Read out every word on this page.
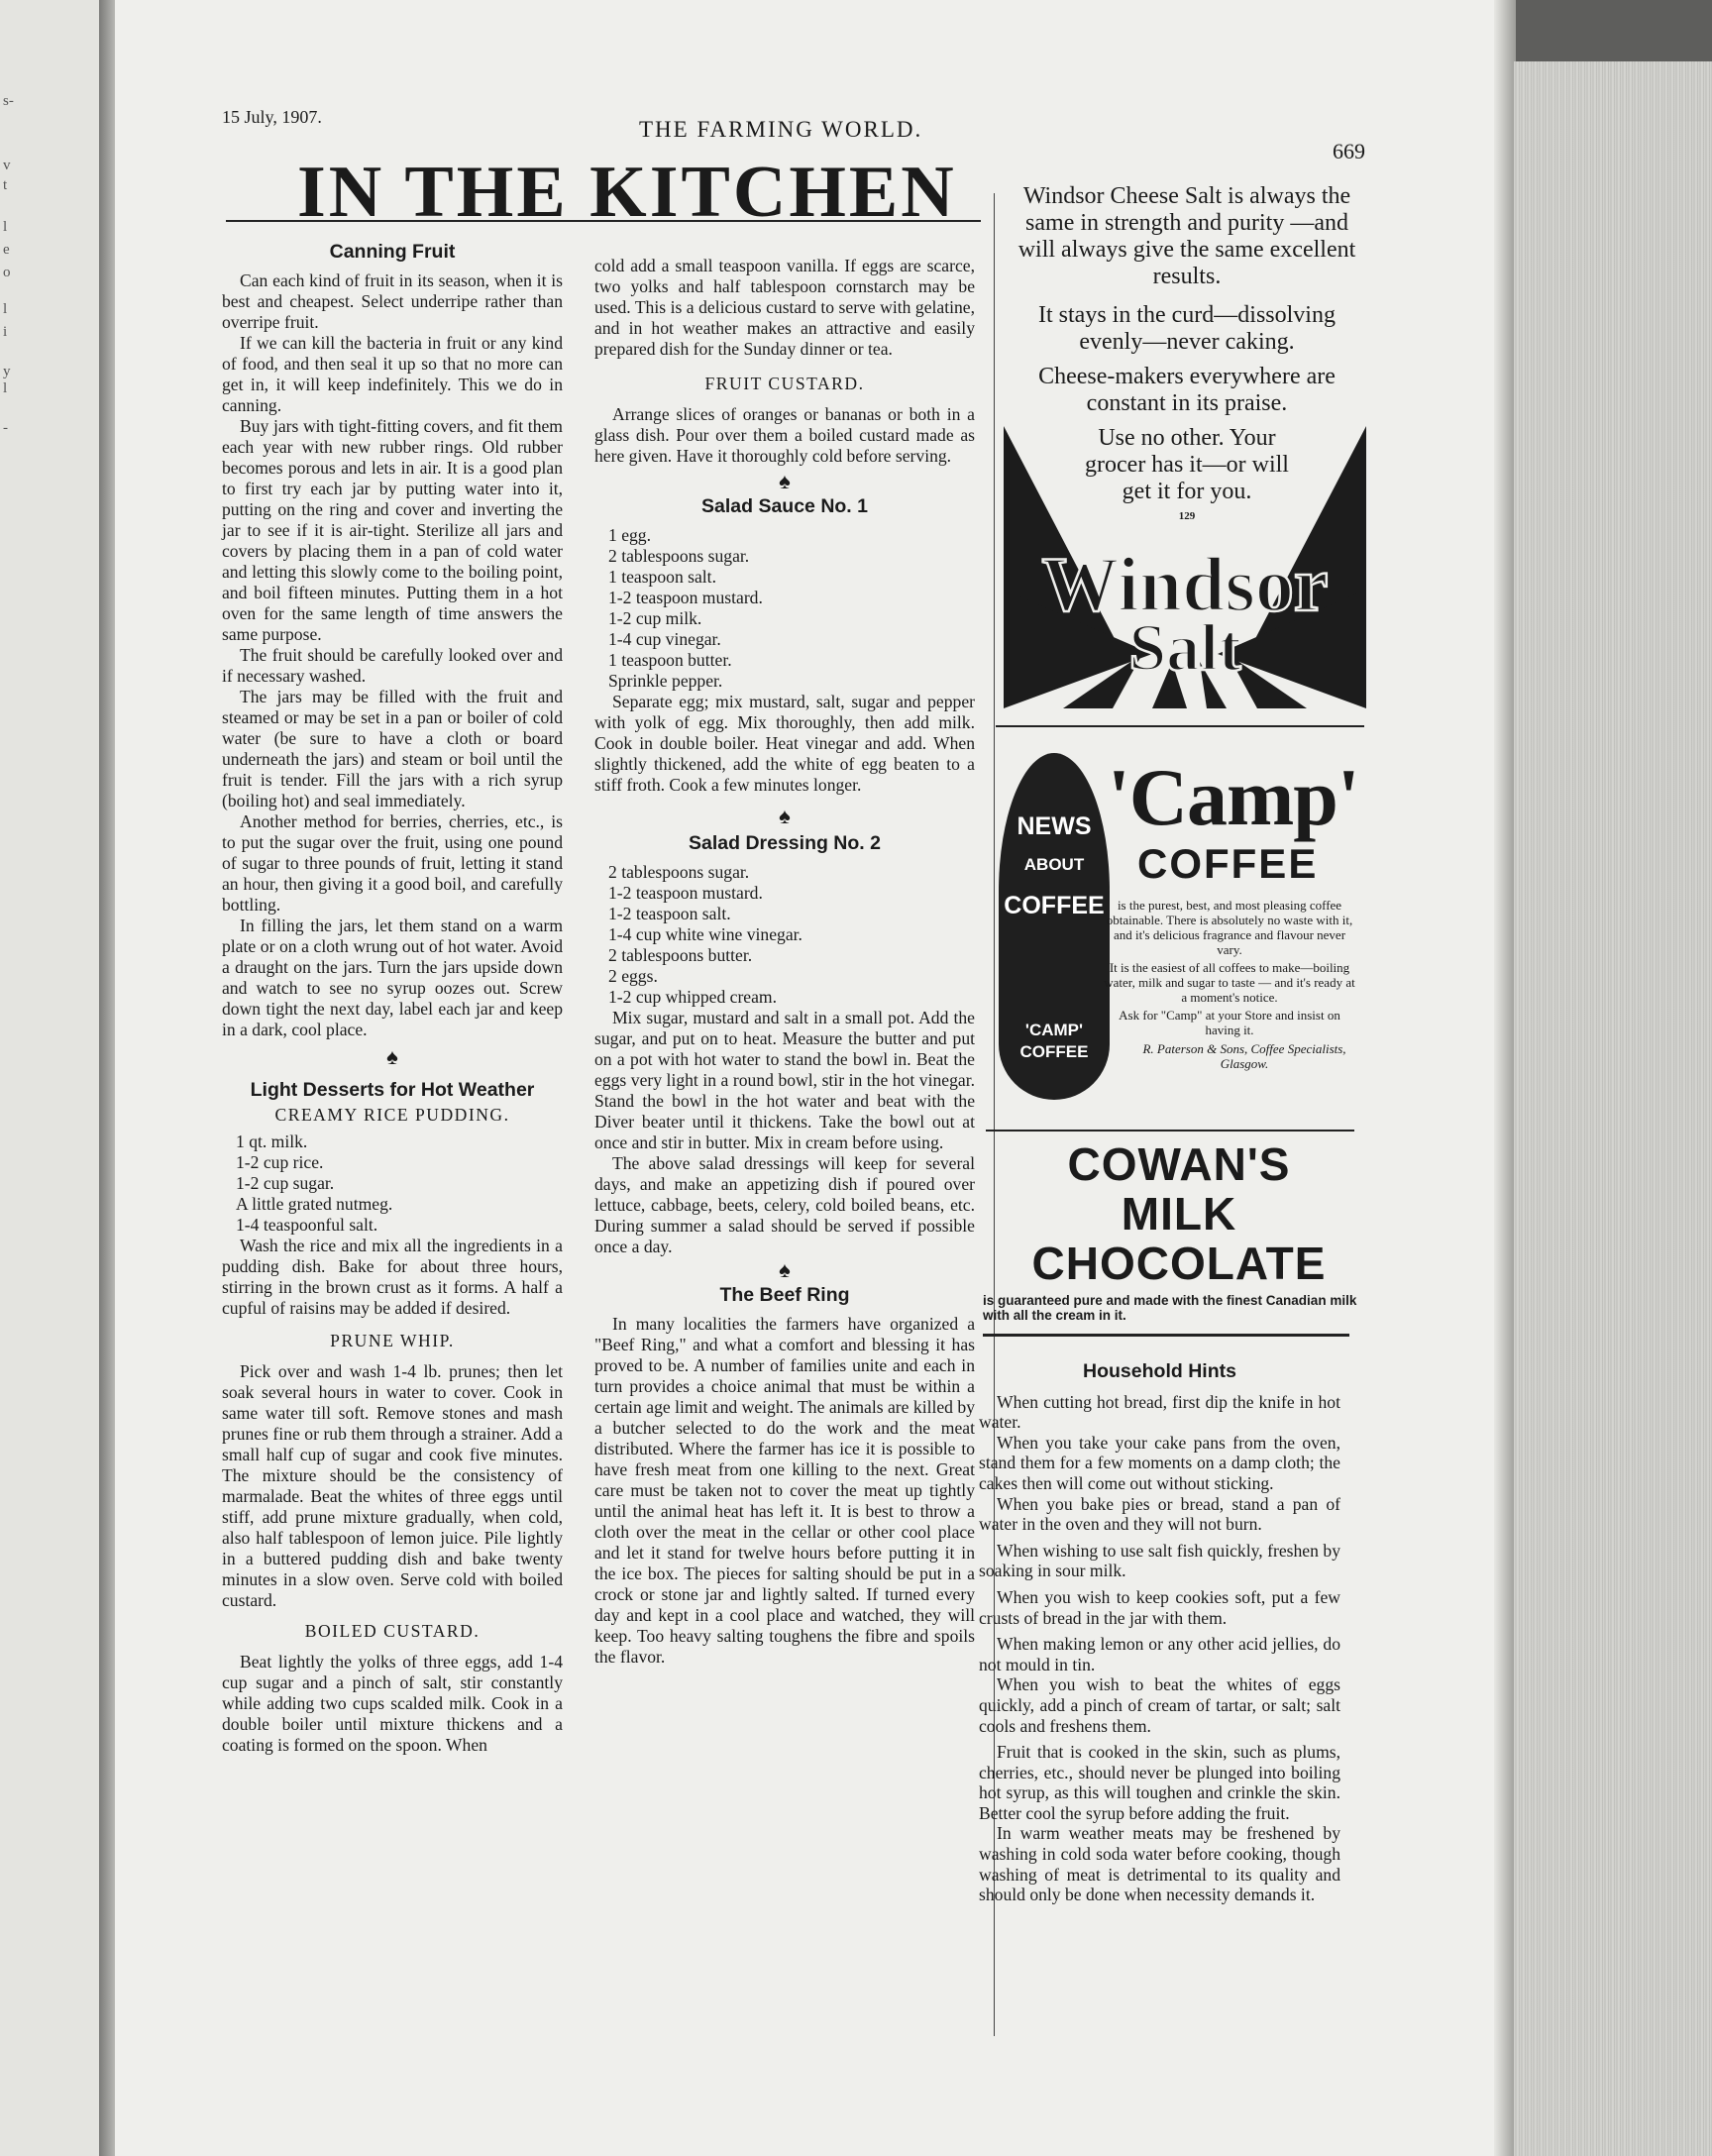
s-
v
t
l
e
o
l
i
y
l
-
15 July, 1907.	THE FARMING WORLD.
669
IN THE KITCHEN
Canning Fruit

Can each kind of fruit in its season, when it is best and cheapest. Select underripe rather than overripe fruit.

If we can kill the bacteria in fruit or any kind of food, and then seal it up so that no more can get in, it will keep indefinitely. This we do in canning.

Buy jars with tight-fitting covers, and fit them each year with new rubber rings. Old rubber becomes porous and lets in air. It is a good plan to first try each jar by putting water into it, putting on the ring and cover and inverting the jar to see if it is air-tight. Sterilize all jars and covers by placing them in a pan of cold water and letting this slowly come to the boiling point, and boil fifteen minutes. Putting them in a hot oven for the same length of time answers the same purpose.

The fruit should be carefully looked over and if necessary washed.

The jars may be filled with the fruit and steamed or may be set in a pan or boiler of cold water (be sure to have a cloth or board underneath the jars) and steam or boil until the fruit is tender. Fill the jars with a rich syrup (boiling hot) and seal immediately.

Another method for berries, cherries, etc., is to put the sugar over the fruit, using one pound of sugar to three pounds of fruit, letting it stand an hour, then giving it a good boil, and carefully bottling.

In filling the jars, let them stand on a warm plate or on a cloth wrung out of hot water. Avoid a draught on the jars. Turn the jars upside down and watch to see no syrup oozes out. Screw down tight the next day, label each jar and keep in a dark, cool place.

♠
Light Desserts for Hot Weather
CREAMY RICE PUDDING.
1 qt. milk.
1-2 cup rice.
1-2 cup sugar.
A little grated nutmeg.
1-4 teaspoonful salt.

Wash the rice and mix all the ingredients in a pudding dish. Bake for about three hours, stirring in the brown crust as it forms. A half a cupful of raisins may be added if desired.

PRUNE WHIP.

Pick over and wash 1-4 lb. prunes; then let soak several hours in water to cover. Cook in same water till soft. Remove stones and mash prunes fine or rub them through a strainer. Add a small half cup of sugar and cook five minutes. The mixture should be the consistency of marmalade. Beat the whites of three eggs until stiff, add prune mixture gradually, when cold, also half tablespoon of lemon juice. Pile lightly in a buttered pudding dish and bake twenty minutes in a slow oven. Serve cold with boiled custard.

BOILED CUSTARD.

Beat lightly the yolks of three eggs, add 1-4 cup sugar and a pinch of salt, stir constantly while adding two cups scalded milk. Cook in a double boiler until mixture thickens and a coating is formed on the spoon. When

cold add a small teaspoon vanilla. If eggs are scarce, two yolks and half tablespoon cornstarch may be used. This is a delicious custard to serve with gelatine, and in hot weather makes an attractive and easily prepared dish for the Sunday dinner or tea.

FRUIT CUSTARD.

Arrange slices of oranges or bananas or both in a glass dish. Pour over them a boiled custard made as here given. Have it thoroughly cold before serving.

♠
Salad Sauce No. 1
1 egg.
2 tablespoons sugar.
1 teaspoon salt.
1-2 teaspoon mustard.
1-2 cup milk.
1-4 cup vinegar.
1 teaspoon butter.
Sprinkle pepper.

Separate egg; mix mustard, salt, sugar and pepper with yolk of egg. Mix thoroughly, then add milk. Cook in double boiler. Heat vinegar and add. When slightly thickened, add the white of egg beaten to a stiff froth. Cook a few minutes longer.

♠
Salad Dressing No. 2
2 tablespoons sugar.
1-2 teaspoon mustard.
1-2 teaspoon salt.
1-4 cup white wine vinegar.
2 tablespoons butter.
2 eggs.
1-2 cup whipped cream.

Mix sugar, mustard and salt in a small pot. Add the sugar, and put on to heat. Measure the butter and put on a pot with hot water to stand the bowl in. Beat the eggs very light in a round bowl, stir in the hot vinegar. Stand the bowl in the hot water and beat with the Diver beater until it thickens. Take the bowl out at once and stir in butter. Mix in cream before using.

The above salad dressings will keep for several days, and make an appetizing dish if poured over lettuce, cabbage, beets, celery, cold boiled beans, etc. During summer a salad should be served if possible once a day.

♠
The Beef Ring

In many localities the farmers have organized a "Beef Ring," and what a comfort and blessing it has proved to be. A number of families unite and each in turn provides a choice animal that must be within a certain age limit and weight. The animals are killed by a butcher selected to do the work and the meat distributed. Where the farmer has ice it is possible to have fresh meat from one killing to the next. Great care must be taken not to cover the meat up tightly until the animal heat has left it. It is best to throw a cloth over the meat in the cellar or other cool place and let it stand for twelve hours before putting it in the ice box. The pieces for salting should be put in a crock or stone jar and lightly salted. If turned every day and kept in a cool place and watched, they will keep. Too heavy salting toughens the fibre and spoils the flavor.

Windsor Cheese Salt is always the same in strength and purity —and will always give the same excellent results.
It stays in the curd—dissolving evenly—never caking.
Cheese-makers everywhere are constant in its praise.
Use no other. Your grocer has it—or will get it for you.
129
Windsor
Salt
NEWS
ABOUT
COFFEE
'CAMP'
COFFEE
'Camp'
COFFEE
is the purest, best, and most pleasing coffee obtainable. There is absolutely no waste with it, and it's delicious fragrance and flavour never vary.
It is the easiest of all coffees to make—boiling water, milk and sugar to taste — and it's ready at a moment's notice.
Ask for "Camp" at your Store and insist on having it.
R. Paterson & Sons, Coffee Specialists, Glasgow.
COWAN'S
MILK
CHOCOLATE
is guaranteed pure and made with the finest Canadian milk with all the cream in it.
Household Hints

When cutting hot bread, first dip the knife in hot water.

When you take your cake pans from the oven, stand them for a few moments on a damp cloth; the cakes then will come out without sticking.

When you bake pies or bread, stand a pan of water in the oven and they will not burn.

When wishing to use salt fish quickly, freshen by soaking in sour milk.

When you wish to keep cookies soft, put a few crusts of bread in the jar with them.

When making lemon or any other acid jellies, do not mould in tin.

When you wish to beat the whites of eggs quickly, add a pinch of cream of tartar, or salt; salt cools and freshens them.

Fruit that is cooked in the skin, such as plums, cherries, etc., should never be plunged into boiling hot syrup, as this will toughen and crinkle the skin. Better cool the syrup before adding the fruit.

In warm weather meats may be freshened by washing in cold soda water before cooking, though washing of meat is detrimental to its quality and should only be done when necessity demands it.
